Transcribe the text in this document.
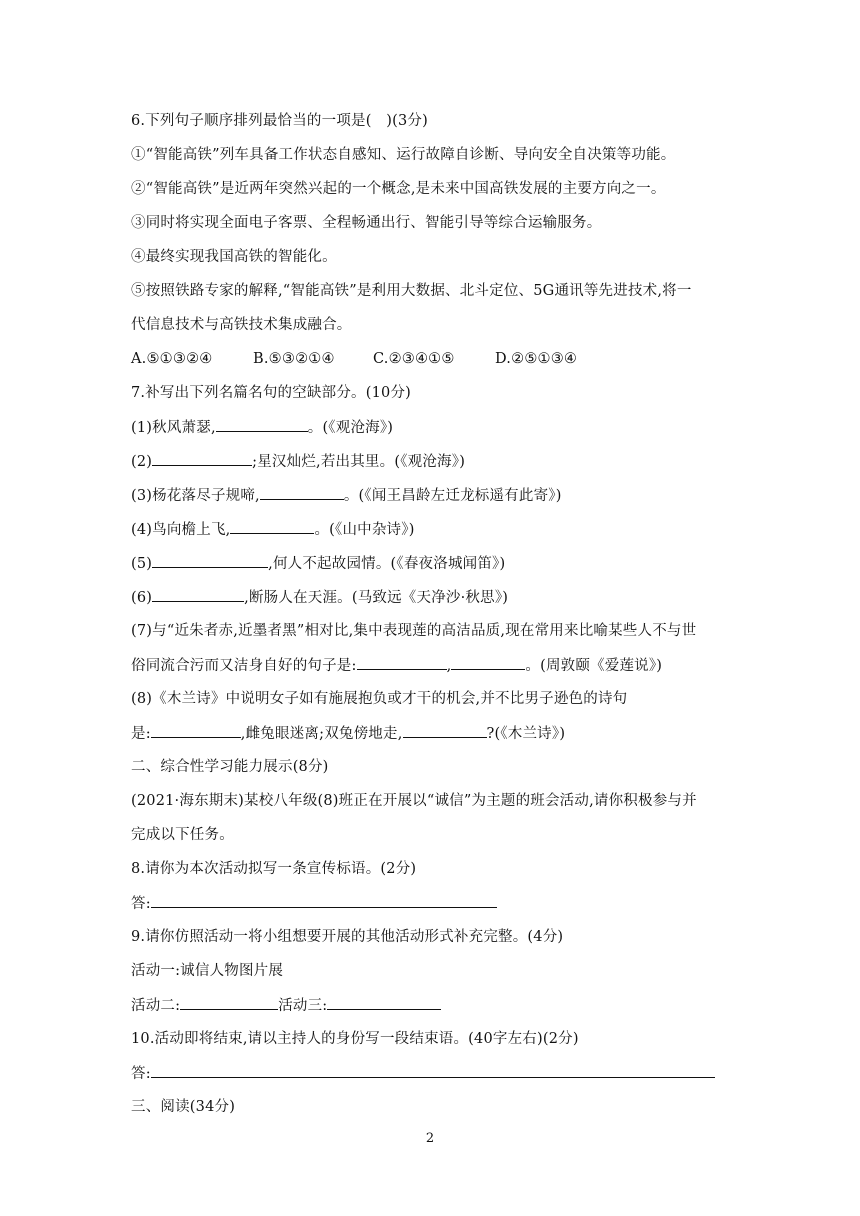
6.下列句子顺序排列最恰当的一项是(　)(3分)
①“智能高铁”列车具备工作状态自感知、运行故障自诊断、导向安全自决策等功能。
②“智能高铁”是近两年突然兴起的一个概念,是未来中国高铁发展的主要方向之一。
③同时将实现全面电子客票、全程畅通出行、智能引导等综合运输服务。
④最终实现我国高铁的智能化。
⑤按照铁路专家的解释,“智能高铁”是利用大数据、北斗定位、5G通讯等先进技术,将一
代信息技术与高铁技术集成融合。
A.⑤①③②④	B.⑤③②①④	C.②③④①⑤	D.②⑤①③④
7.补写出下列名篇名句的空缺部分。(10分)
(1)秋风萧瑟,	。(《观沧海》)
(2)	;星汉灿烂,若出其里。(《观沧海》)
(3)杨花落尽子规啼,	。(《闻王昌龄左迁龙标遥有此寄》)
(4)鸟向檐上飞,	。(《山中杂诗》)
(5)	,何人不起故园情。(《春夜洛城闻笛》)
(6)	,断肠人在天涯。(马致远《天净沙·秋思》)
(7)与“近朱者赤,近墨者黑”相对比,集中表现莲的高洁品质,现在常用来比喻某些人不与世
俗同流合污而又洁身自好的句子是:	,	。(周敦颐《爱莲说》)
(8)《木兰诗》中说明女子如有施展抱负或才干的机会,并不比男子逊色的诗句
是:	,雌兔眼迷离;双兔傍地走,	?(《木兰诗》)
二、综合性学习能力展示(8分)
(2021·海东期末)某校八年级(8)班正在开展以“诚信”为主题的班会活动,请你积极参与并
完成以下任务。
8.请你为本次活动拟写一条宣传标语。(2分)
答:
9.请你仿照活动一将小组想要开展的其他活动形式补充完整。(4分)
活动一:诚信人物图片展
活动二:	活动三:
10.活动即将结束,请以主持人的身份写一段结束语。(40字左右)(2分)
答:
三、阅读(34分)
2
